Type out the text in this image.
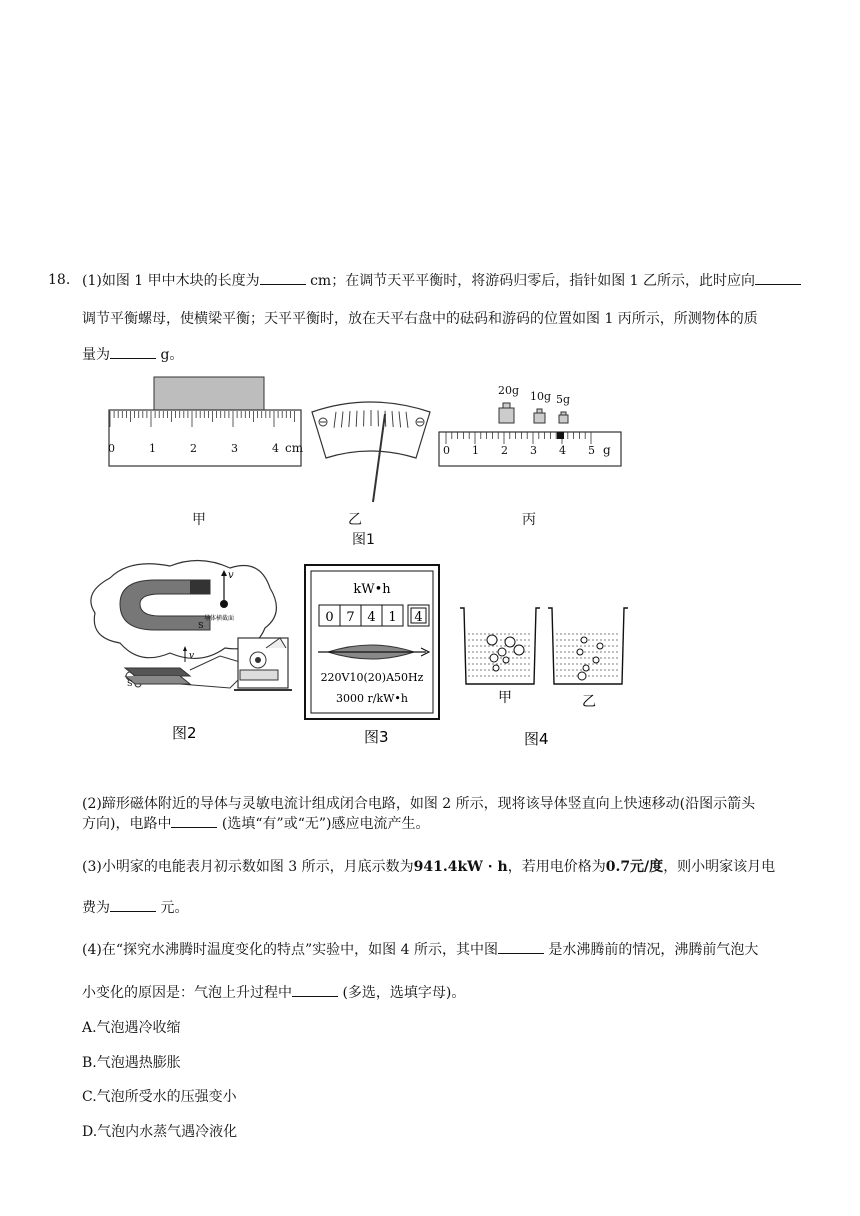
18. (1)如图 1 甲中木块的长度为	cm；在调节天平平衡时，将游码归零后，指针如图 1 乙所示，此时应向
调节平衡螺母，使横梁平衡；天平平衡时，放在天平右盘中的砝码和游码的位置如图 1 丙所示，所测物体的质
量为	g。
0	1	2	3	4 cm
20g 10g 5g
0 1 2 3 4 5 g
甲	乙	丙
图1
S
v
导体横截面
S
v
图2
kW•h
0 7 4 1 4
220V10(20)A50Hz
3000 r/kW•h
图3
甲	乙
图4
(2)蹄形磁体附近的导体与灵敏电流计组成闭合电路，如图 2 所示，现将该导体竖直向上快速移动(沿图示箭头
方向)，电路中	(选填“有”或“无”)感应电流产生。
(3)小明家的电能表月初示数如图 3 所示，月底示数为941.4kW · h，若用电价格为0.7元/度，则小明家该月电
费为	元。
(4)在“探究水沸腾时温度变化的特点”实验中，如图 4 所示，其中图	是水沸腾前的情况，沸腾前气泡大
小变化的原因是：气泡上升过程中	(多选，选填字母)。
A.气泡遇冷收缩
B.气泡遇热膨胀
C.气泡所受水的压强变小
D.气泡内水蒸气遇冷液化
